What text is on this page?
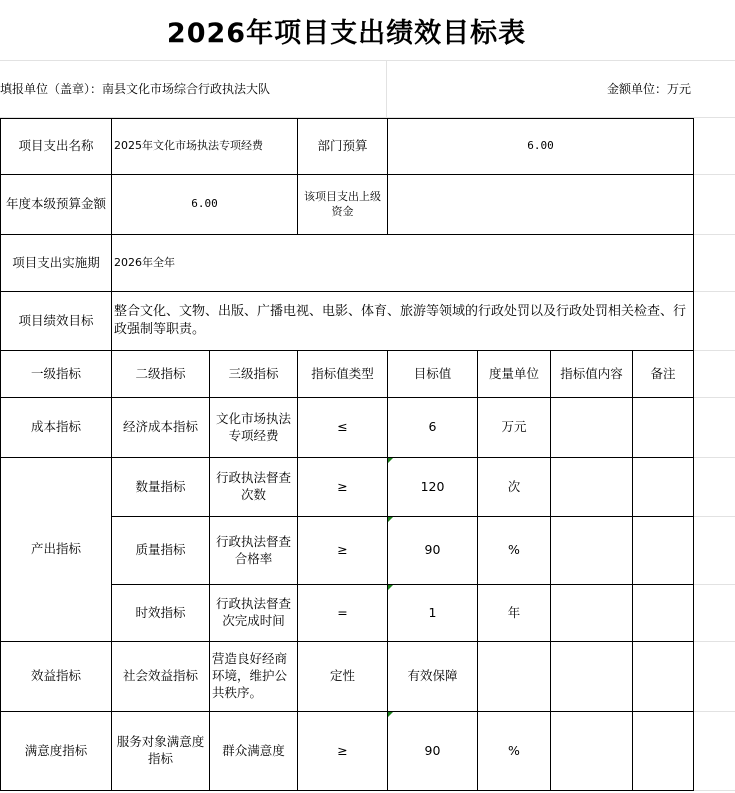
2026年项目支出绩效目标表
填报单位（盖章）：南县文化市场综合行政执法大队	金额单位：万元
项目支出名称	2025年文化市场执法专项经费		部门预算	6.00			
年度本级预算金额	6.00		该项目支出上级资金				
项目支出实施期	2026年全年						
项目绩效目标	整合文化、文物、出版、广播电视、电影、体育、旅游等领域的行政处罚以及行政处罚相关检查、行政强制等职责。						
一级指标	二级指标	三级指标	指标值类型	目标值	度量单位	指标值内容	备注
成本指标	经济成本指标	文化市场执法专项经费	≤	6	万元		
产出指标	数量指标	行政执法督查次数	≥	120	次		
	质量指标	行政执法督查合格率	≥	90	%		
	时效指标	行政执法督查次完成时间	=	1	年		
效益指标	社会效益指标	营造良好经商环境，维护公共秩序。	定性	有效保障			
满意度指标	服务对象满意度指标	群众满意度	≥	90	%		
